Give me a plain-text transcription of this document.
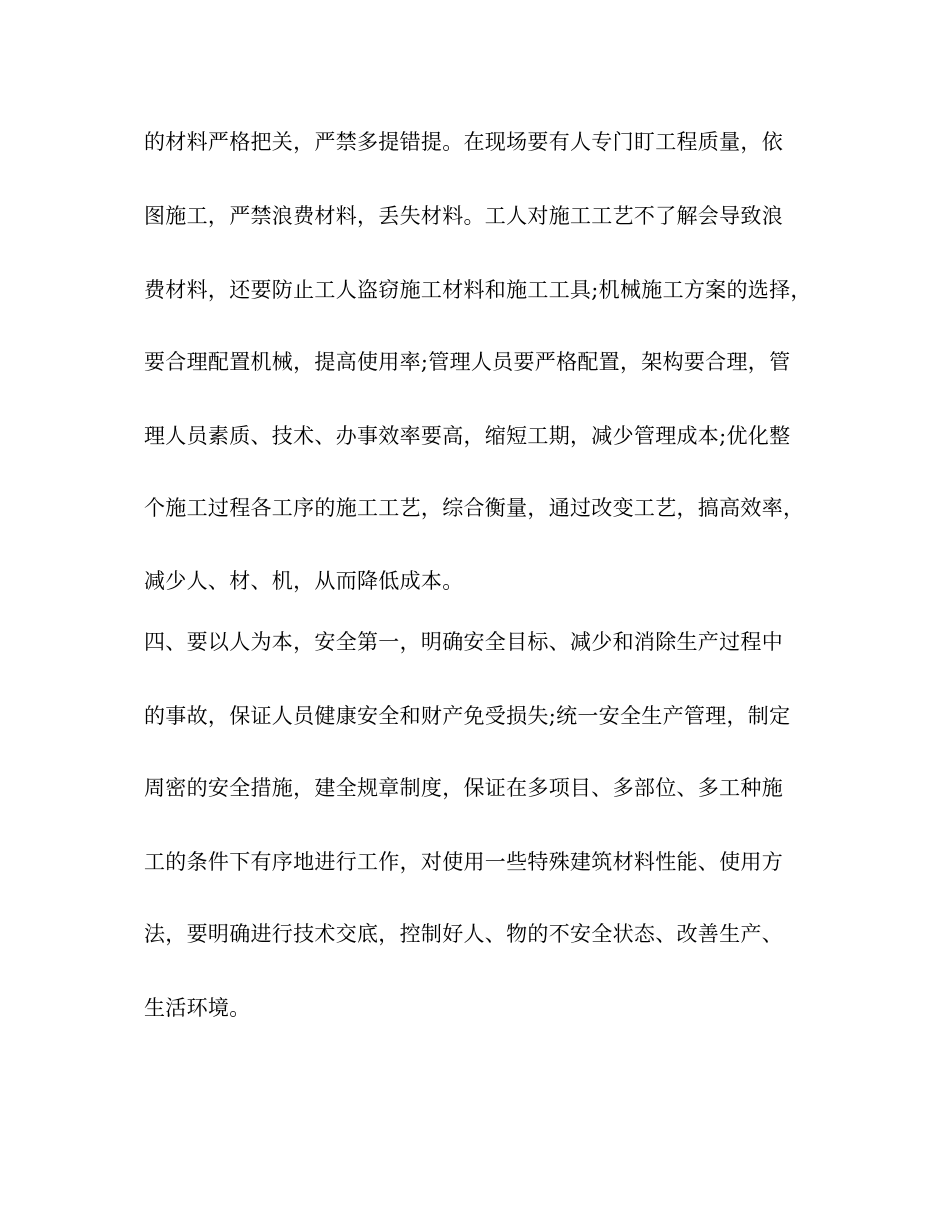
的材料严格把关，严禁多提错提。在现场要有人专门盯工程质量，依
图施工，严禁浪费材料，丢失材料。工人对施工工艺不了解会导致浪
费材料，还要防止工人盗窃施工材料和施工工具;机械施工方案的选择，
要合理配置机械，提高使用率;管理人员要严格配置，架构要合理，管
理人员素质、技术、办事效率要高，缩短工期，减少管理成本;优化整
个施工过程各工序的施工工艺，综合衡量，通过改变工艺，搞高效率，
减少人、材、机，从而降低成本。
四、要以人为本，安全第一，明确安全目标、减少和消除生产过程中
的事故，保证人员健康安全和财产免受损失;统一安全生产管理，制定
周密的安全措施，建全规章制度，保证在多项目、多部位、多工种施
工的条件下有序地进行工作，对使用一些特殊建筑材料性能、使用方
法，要明确进行技术交底，控制好人、物的不安全状态、改善生产、
生活环境。
